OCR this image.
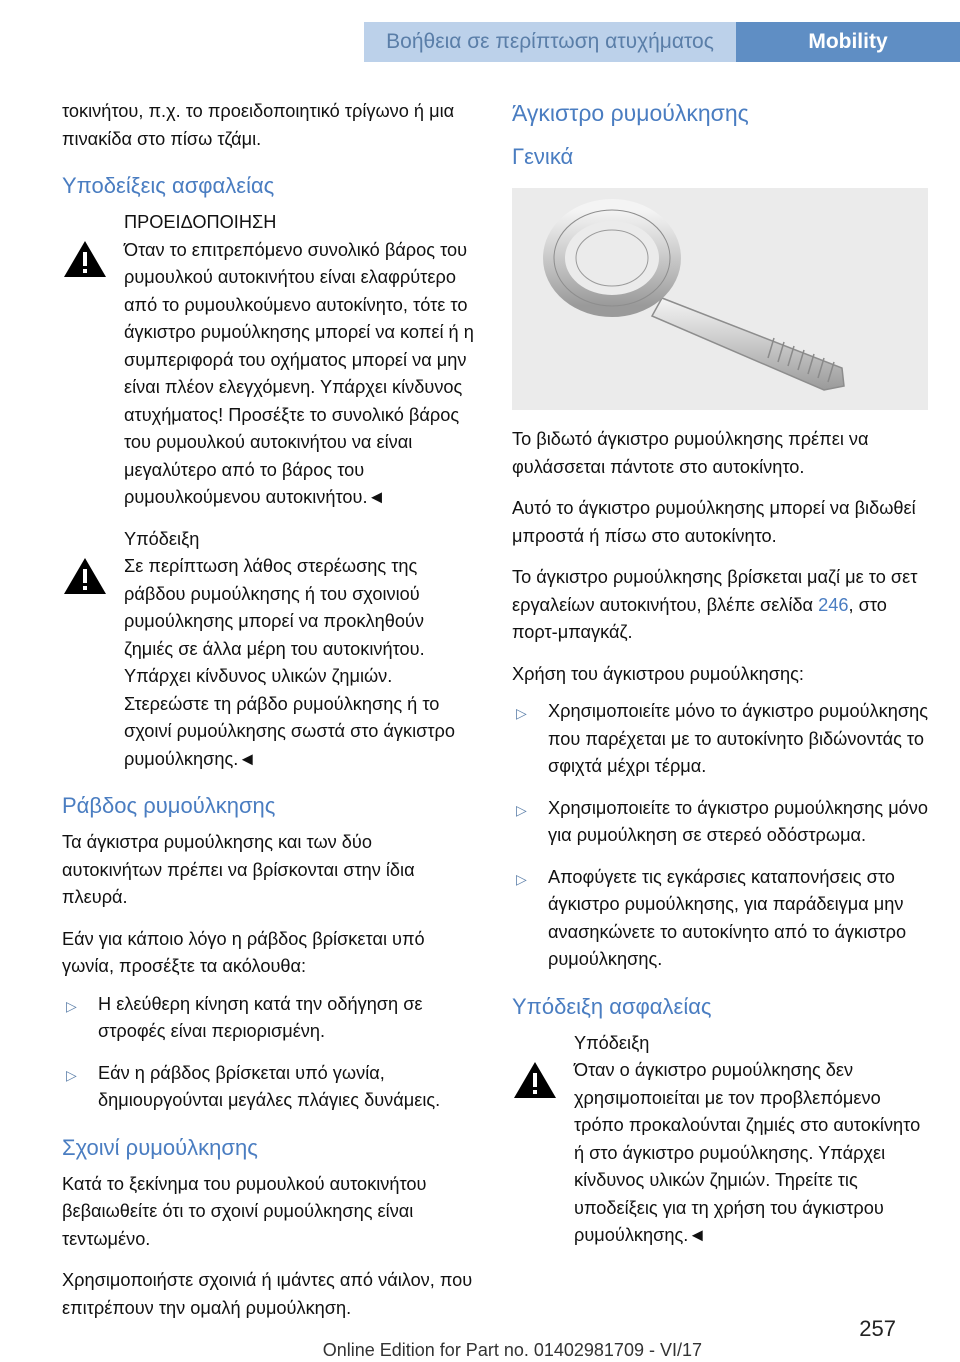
Βοήθεια σε περίπτωση ατυχήματος	Mobility

τοκινήτου, π.χ. το προειδοποιητικό τρίγωνο ή μια πινακίδα στο πίσω τζάμι.

Υποδείξεις ασφαλείας

ΠΡΟΕΙΔΟΠΟΙΗΣΗ

Όταν το επιτρεπόμενο συνολικό βάρος του ρυμουλκού αυτοκινήτου είναι ελαφρύτερο από το ρυμουλκούμενο αυτοκίνητο, τότε το άγκιστρο ρυμούλκησης μπορεί να κοπεί ή η συμπεριφορά του οχήματος μπορεί να μην είναι πλέον ελεγχόμενη. Υπάρχει κίνδυνος ατυχήματος! Προσέξτε το συνολικό βάρος του ρυμουλκού αυτοκινήτου να είναι μεγαλύτερο από το βάρος του ρυμουλκούμενου αυτοκινήτου.◄

Υπόδειξη

Σε περίπτωση λάθος στερέωσης της ράβδου ρυμούλκησης ή του σχοινιού ρυμούλκησης μπορεί να προκληθούν ζημιές σε άλλα μέρη του αυτοκινήτου. Υπάρχει κίνδυνος υλικών ζημιών. Στερεώστε τη ράβδο ρυμούλκησης ή το σχοινί ρυμούλκησης σωστά στο άγκιστρο ρυμούλκησης.◄

Ράβδος ρυμούλκησης

Τα άγκιστρα ρυμούλκησης και των δύο αυτοκινήτων πρέπει να βρίσκονται στην ίδια πλευρά.

Εάν για κάποιο λόγο η ράβδος βρίσκεται υπό γωνία, προσέξτε τα ακόλουθα:

▷ Η ελεύθερη κίνηση κατά την οδήγηση σε στροφές είναι περιορισμένη.
▷ Εάν η ράβδος βρίσκεται υπό γωνία, δημιουργούνται μεγάλες πλάγιες δυνάμεις.
Σχοινί ρυμούλκησης

Κατά το ξεκίνημα του ρυμουλκού αυτοκινήτου βεβαιωθείτε ότι το σχοινί ρυμούλκησης είναι τεντωμένο.

Χρησιμοποιήστε σχοινιά ή ιμάντες από νάιλον, που επιτρέπουν την ομαλή ρυμούλκηση.

Άγκιστρο ρυμούλκησης
Γενικά

Το βιδωτό άγκιστρο ρυμούλκησης πρέπει να φυλάσσεται πάντοτε στο αυτοκίνητο.

Αυτό το άγκιστρο ρυμούλκησης μπορεί να βιδωθεί μπροστά ή πίσω στο αυτοκίνητο.

Το άγκιστρο ρυμούλκησης βρίσκεται μαζί με το σετ εργαλείων αυτοκινήτου, βλέπε σελίδα 246, στο πορτ-μπαγκάζ.

Χρήση του άγκιστρου ρυμούλκησης:

▷ Χρησιμοποιείτε μόνο το άγκιστρο ρυμούλκησης που παρέχεται με το αυτοκίνητο βιδώνοντάς το σφιχτά μέχρι τέρμα.
▷ Χρησιμοποιείτε το άγκιστρο ρυμούλκησης μόνο για ρυμούλκηση σε στερεό οδόστρωμα.
▷ Αποφύγετε τις εγκάρσιες καταπονήσεις στο άγκιστρο ρυμούλκησης, για παράδειγμα μην ανασηκώνετε το αυτοκίνητο από το άγκιστρο ρυμούλκησης.
Υπόδειξη ασφαλείας

Υπόδειξη

Όταν ο άγκιστρο ρυμούλκησης δεν χρησιμοποιείται με τον προβλεπόμενο τρόπο προκαλούνται ζημιές στο αυτοκίνητο ή στο άγκιστρο ρυμούλκησης. Υπάρχει κίνδυνος υλικών ζημιών. Τηρείτε τις υποδείξεις για τη χρήση του άγκιστρου ρυμούλκησης.◄

257
Online Edition for Part no. 01402981709 - VI/17
